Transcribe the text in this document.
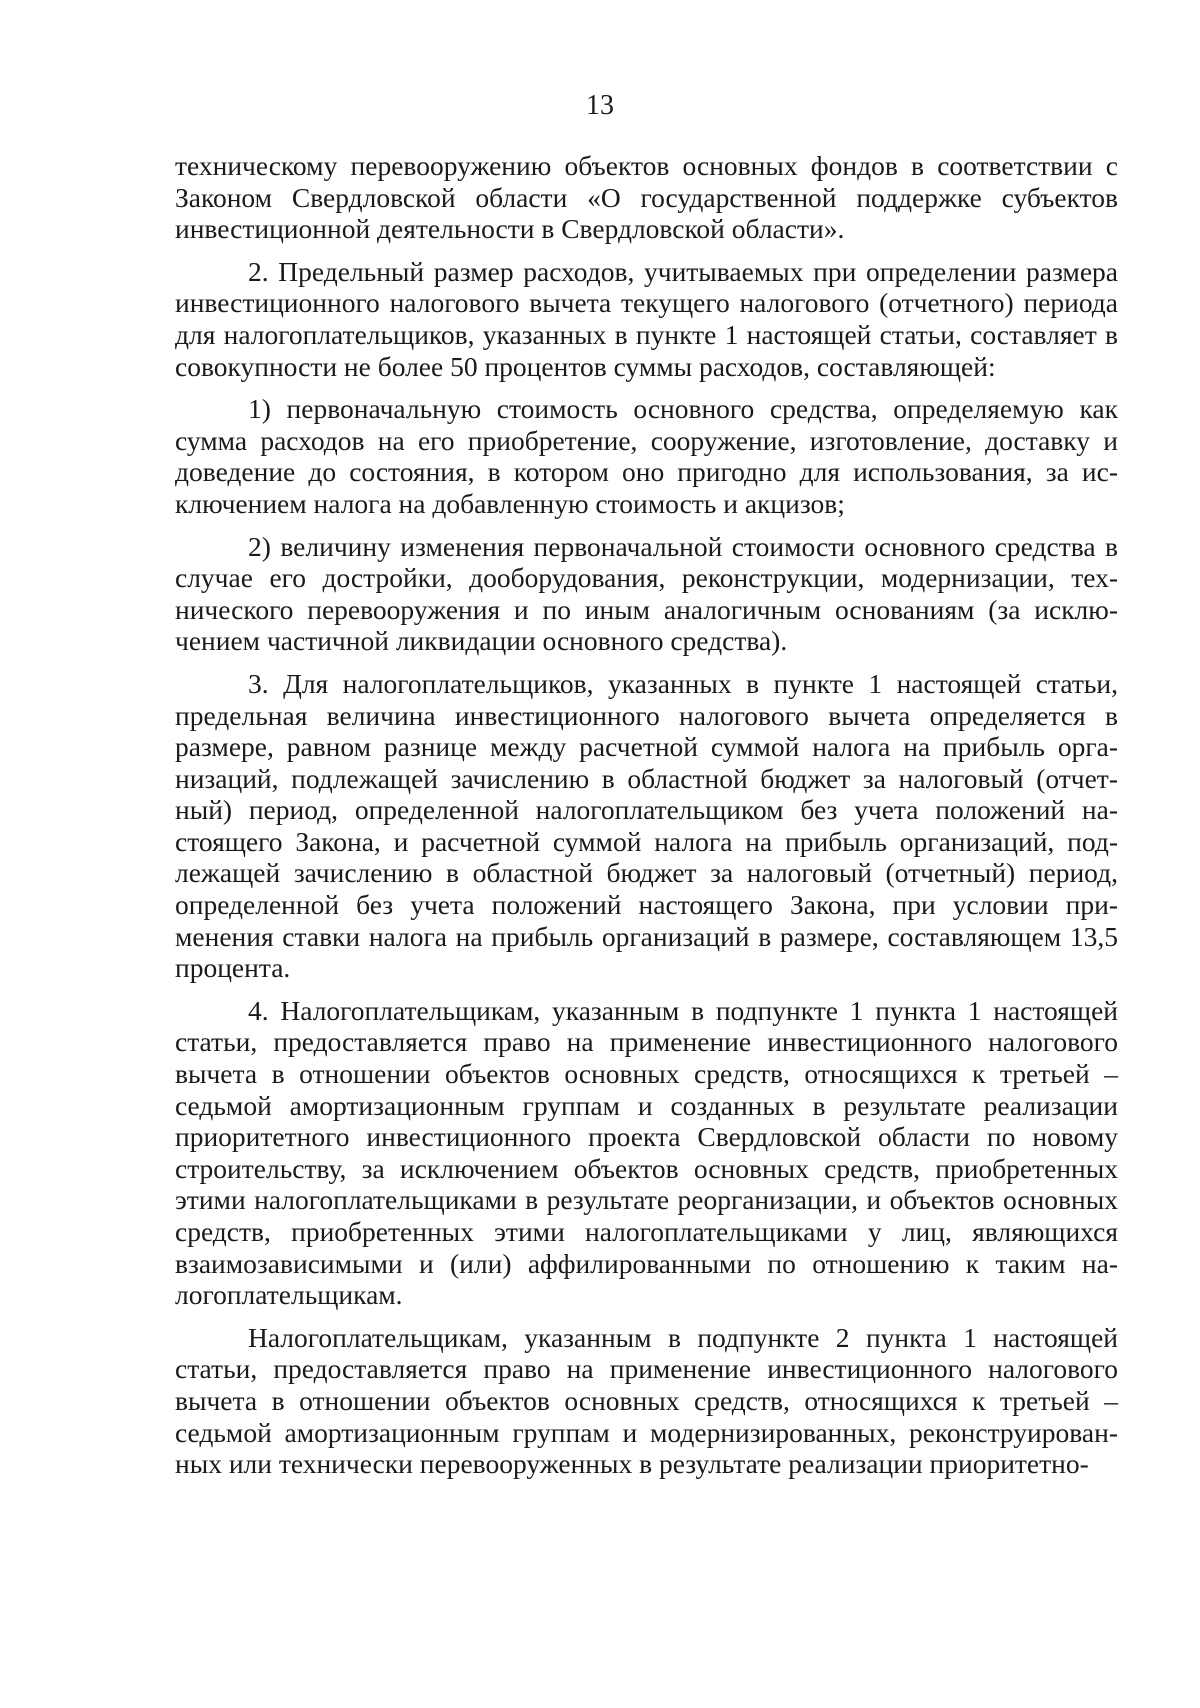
13

техническому перевооружению объектов основных фондов в соответствии с Законом Свердловской области «О государственной поддержке субъектов инвестиционной деятельности в Свердловской области».

2. Предельный размер расходов, учитываемых при определении размера инвестиционного налогового вычета текущего налогового (отчетного) периода для налогоплательщиков, указанных в пункте 1 настоящей статьи, составляет в совокупности не более 50 процентов суммы расходов, составляющей:

1) первоначальную стоимость основного средства, определяемую как сумма расходов на его приобретение, сооружение, изготовление, доставку и доведение до состояния, в котором оно пригодно для использования, за исключением налога на добавленную стоимость и акцизов;

2) величину изменения первоначальной стоимости основного средства в случае его достройки, дооборудования, реконструкции, модернизации, технического перевооружения и по иным аналогичным основаниям (за исключением частичной ликвидации основного средства).

3. Для налогоплательщиков, указанных в пункте 1 настоящей статьи, предельная величина инвестиционного налогового вычета определяется в размере, равном разнице между расчетной суммой налога на прибыль организаций, подлежащей зачислению в областной бюджет за налоговый (отчетный) период, определенной налогоплательщиком без учета положений настоящего Закона, и расчетной суммой налога на прибыль организаций, подлежащей зачислению в областной бюджет за налоговый (отчетный) период, определенной без учета положений настоящего Закона, при условии применения ставки налога на прибыль организаций в размере, составляющем 13,5 процента.

4. Налогоплательщикам, указанным в подпункте 1 пункта 1 настоящей статьи, предоставляется право на применение инвестиционного налогового вычета в отношении объектов основных средств, относящихся к третьей – седьмой амортизационным группам и созданных в результате реализации приоритетного инвестиционного проекта Свердловской области по новому строительству, за исключением объектов основных средств, приобретенных этими налогоплательщиками в результате реорганизации, и объектов основных средств, приобретенных этими налогоплательщиками у лиц, являющихся взаимозависимыми и (или) аффилированными по отношению к таким налогоплательщикам.

Налогоплательщикам, указанным в подпункте 2 пункта 1 настоящей статьи, предоставляется право на применение инвестиционного налогового вычета в отношении объектов основных средств, относящихся к третьей – седьмой амортизационным группам и модернизированных, реконструированных или технически перевооруженных в результате реализации приоритетно-
